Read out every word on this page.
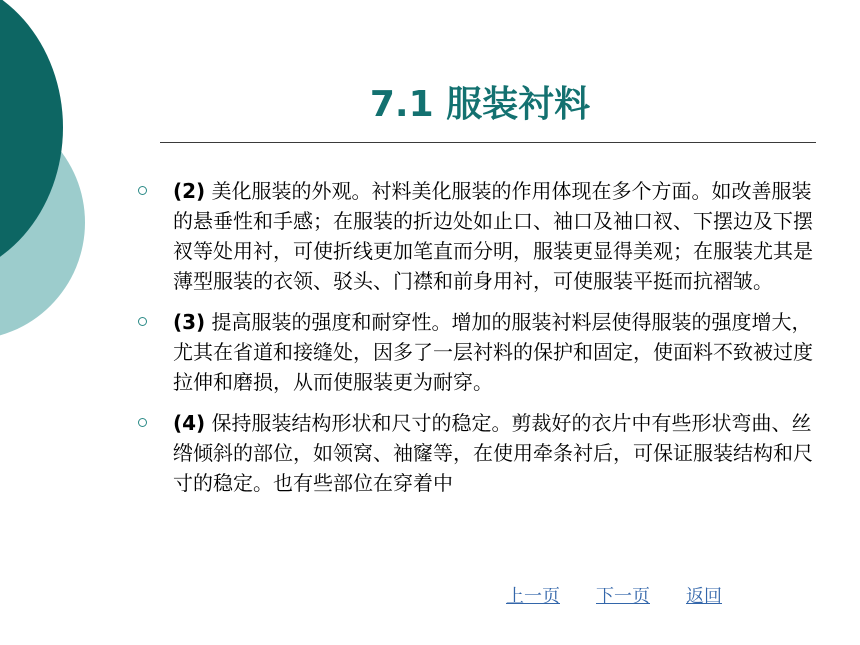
7.1 服装衬料
(2) 美化服装的外观。衬料美化服装的作用体现在多个方面。如改善服装的悬垂性和手感；在服装的折边处如止口、袖口及袖口衩、下摆边及下摆衩等处用衬，可使折线更加笔直而分明，服装更显得美观；在服装尤其是薄型服装的衣领、驳头、门襟和前身用衬，可使服装平挺而抗褶皱。
(3) 提高服装的强度和耐穿性。增加的服装衬料层使得服装的强度增大，尤其在省道和接缝处，因多了一层衬料的保护和固定，使面料不致被过度拉伸和磨损，从而使服装更为耐穿。
(4) 保持服装结构形状和尺寸的稳定。剪裁好的衣片中有些形状弯曲、丝绺倾斜的部位，如领窝、袖窿等，在使用牵条衬后，可保证服装结构和尺寸的稳定。也有些部位在穿着中
上一页 下一页 返回
